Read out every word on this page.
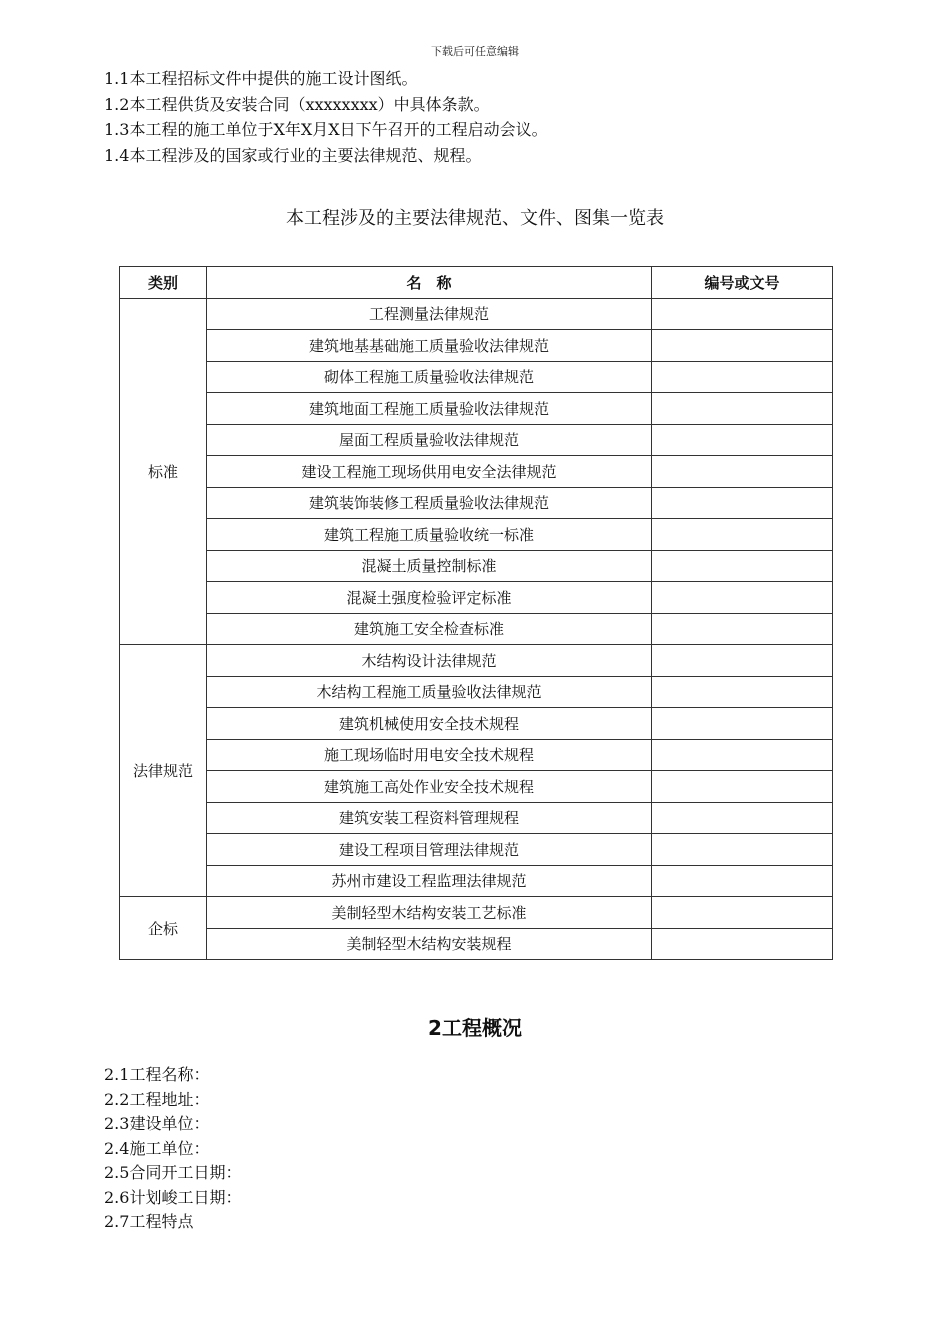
下载后可任意编辑
1.1本工程招标文件中提供的施工设计图纸。
1.2本工程供货及安装合同（xxxxxxxx）中具体条款。
1.3本工程的施工单位于X年X月X日下午召开的工程启动会议。
1.4本工程涉及的国家或行业的主要法律规范、规程。
本工程涉及的主要法律规范、文件、图集一览表
类别	名　称	编号或文号
标准	工程测量法律规范	
	建筑地基基础施工质量验收法律规范	
	砌体工程施工质量验收法律规范	
	建筑地面工程施工质量验收法律规范	
	屋面工程质量验收法律规范	
	建设工程施工现场供用电安全法律规范	
	建筑装饰装修工程质量验收法律规范	
	建筑工程施工质量验收统一标准	
	混凝土质量控制标准	
	混凝土强度检验评定标准	
	建筑施工安全检查标准	
法律规范	木结构设计法律规范	
	木结构工程施工质量验收法律规范	
	建筑机械使用安全技术规程	
	施工现场临时用电安全技术规程	
	建筑施工高处作业安全技术规程	
	建筑安装工程资料管理规程	
	建设工程项目管理法律规范	
	苏州市建设工程监理法律规范	
企标	美制轻型木结构安装工艺标准	
	美制轻型木结构安装规程	
2工程概况
2.1工程名称：
2.2工程地址：
2.3建设单位：
2.4施工单位：
2.5合同开工日期：
2.6计划峻工日期：
2.7工程特点
